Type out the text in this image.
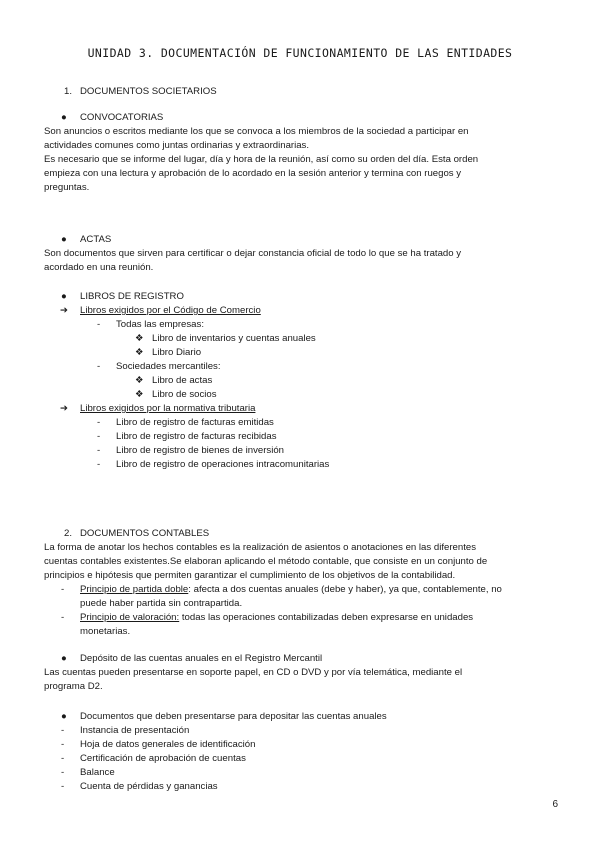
UNIDAD 3. DOCUMENTACIÓN DE FUNCIONAMIENTO DE LAS ENTIDADES
1. DOCUMENTOS SOCIETARIOS
● CONVOCATORIAS
Son anuncios o escritos mediante los que se convoca a los miembros de la sociedad a participar en
actividades comunes como juntas ordinarias y extraordinarias.
Es necesario que se informe del lugar, día y hora de la reunión, así como su orden del día. Esta orden
empieza con una lectura y aprobación de lo acordado en la sesión anterior y termina con ruegos y
preguntas.
● ACTAS
Son documentos que sirven para certificar o dejar constancia oficial de todo lo que se ha tratado y
acordado en una reunión.
● LIBROS DE REGISTRO
➔ Libros exigidos por el Código de Comercio
- Todas las empresas:
❖ Libro de inventarios y cuentas anuales
❖ Libro Diario
- Sociedades mercantiles:
❖ Libro de actas
❖ Libro de socios
➔ Libros exigidos por la normativa tributaria
- Libro de registro de facturas emitidas
- Libro de registro de facturas recibidas
- Libro de registro de bienes de inversión
- Libro de registro de operaciones intracomunitarias
2. DOCUMENTOS CONTABLES
La forma de anotar los hechos contables es la realización de asientos o anotaciones en las diferentes
cuentas contables existentes.Se elaboran aplicando el método contable, que consiste en un conjunto de
principios e hipótesis que permiten garantizar el cumplimiento de los objetivos de la contabilidad.
- Principio de partida doble: afecta a dos cuentas anuales (debe y haber), ya que, contablemente, no
puede haber partida sin contrapartida.
- Principio de valoración: todas las operaciones contabilizadas deben expresarse en unidades
monetarias.
● Depósito de las cuentas anuales en el Registro Mercantil
Las cuentas pueden presentarse en soporte papel, en CD o DVD y por vía telemática, mediante el
programa D2.
● Documentos que deben presentarse para depositar las cuentas anuales
- Instancia de presentación
- Hoja de datos generales de identificación
- Certificación de aprobación de cuentas
- Balance
- Cuenta de pérdidas y ganancias
6
